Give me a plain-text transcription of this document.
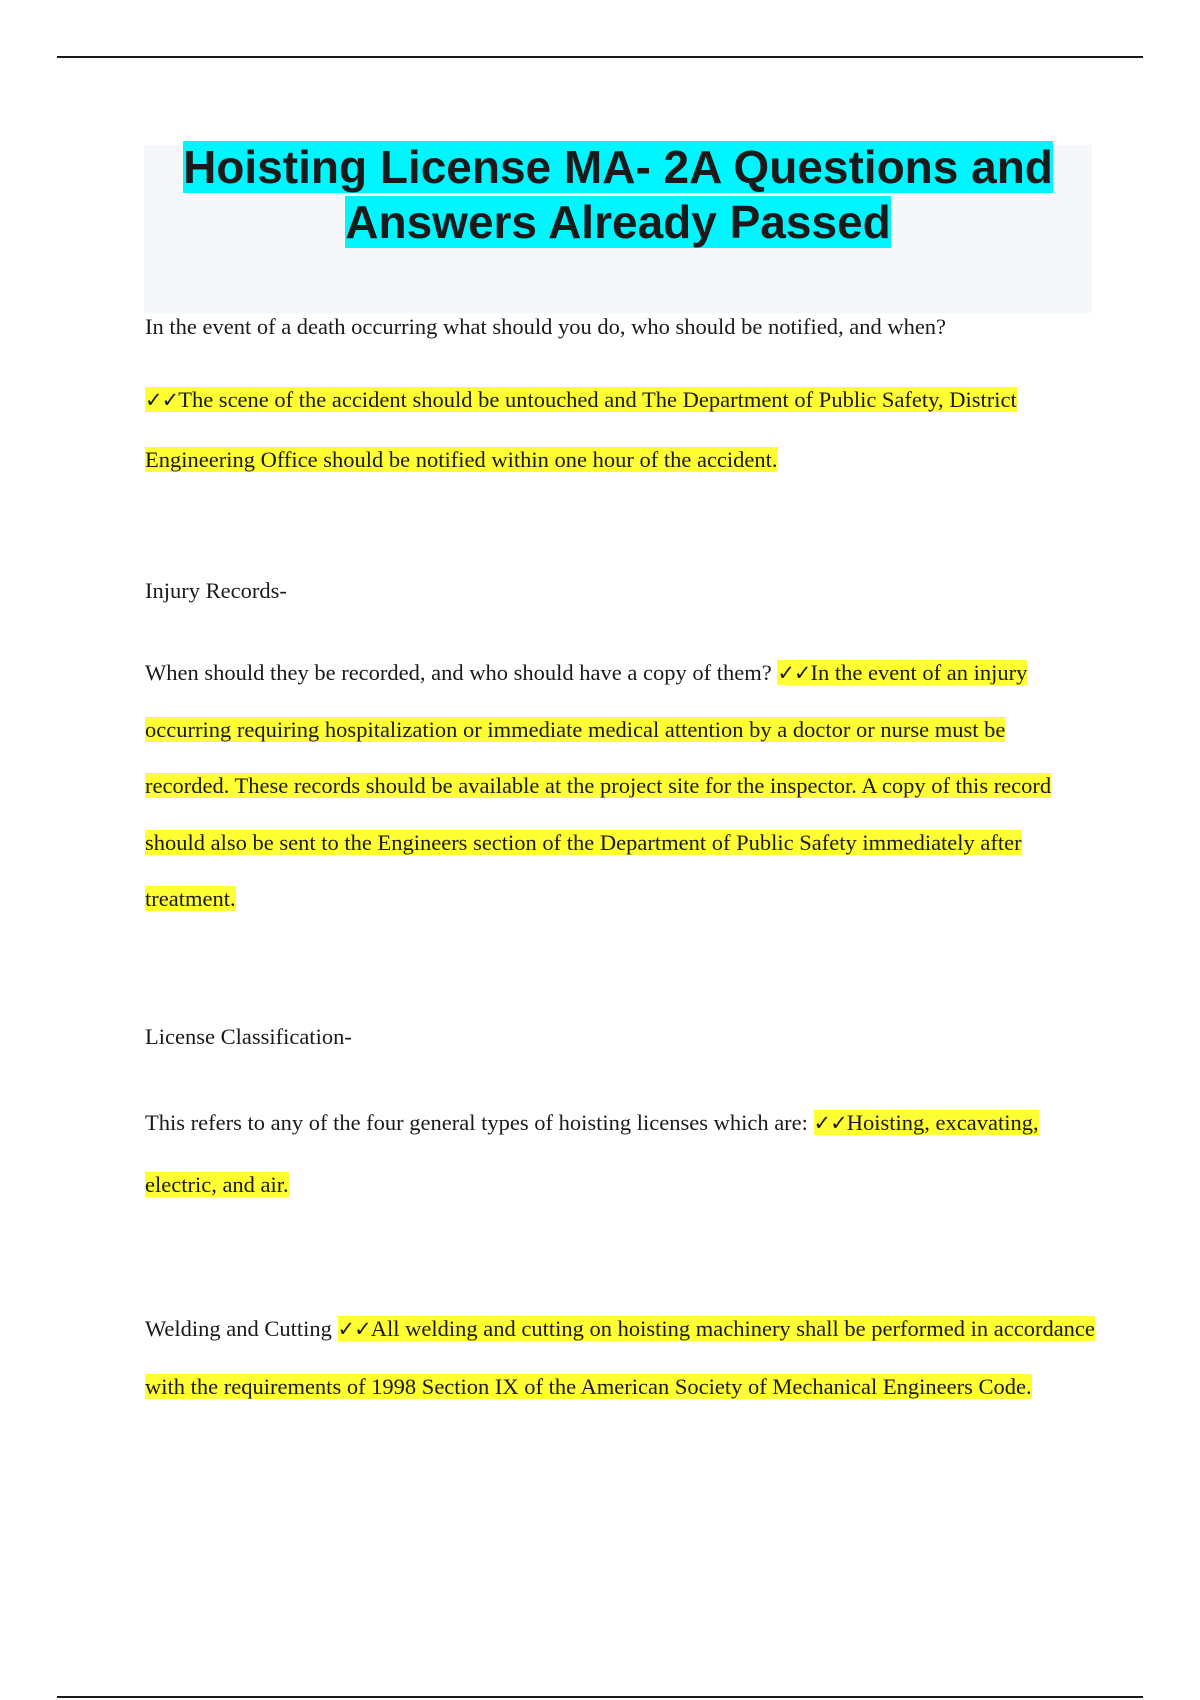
Hoisting License MA- 2A Questions and
Answers Already Passed

In the event of a death occurring what should you do, who should be notified, and when?

✓✓The scene of the accident should be untouched and The Department of Public Safety, District Engineering Office should be notified within one hour of the accident.

Injury Records-

When should they be recorded, and who should have a copy of them? ✓✓In the event of an injury occurring requiring hospitalization or immediate medical attention by a doctor or nurse must be recorded. These records should be available at the project site for the inspector. A copy of this record should also be sent to the Engineers section of the Department of Public Safety immediately after treatment.

License Classification-

This refers to any of the four general types of hoisting licenses which are: ✓✓Hoisting, excavating, electric, and air.

Welding and Cutting ✓✓All welding and cutting on hoisting machinery shall be performed in accordance with the requirements of 1998 Section IX of the American Society of Mechanical Engineers Code.
